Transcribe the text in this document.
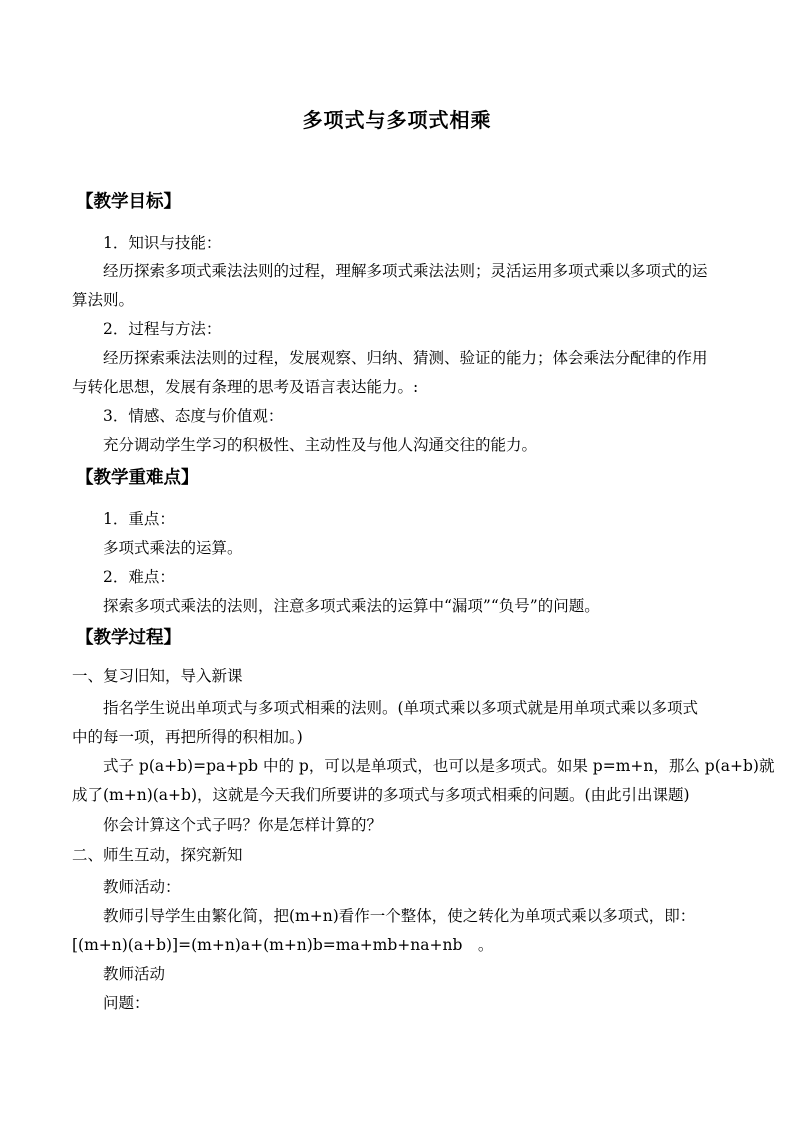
多项式与多项式相乘
【教学目标】
1．知识与技能：
经历探索多项式乘法法则的过程，理解多项式乘法法则；灵活运用多项式乘以多项式的运
算法则。
2．过程与方法：
经历探索乘法法则的过程，发展观察、归纳、猜测、验证的能力；体会乘法分配律的作用
与转化思想，发展有条理的思考及语言表达能力。:
3．情感、态度与价值观：
充分调动学生学习的积极性、主动性及与他人沟通交往的能力。
【教学重难点】
1．重点：
多项式乘法的运算。
2．难点：
探索多项式乘法的法则，注意多项式乘法的运算中“漏项”“负号”的问题。
【教学过程】
一、复习旧知，导入新课
指名学生说出单项式与多项式相乘的法则。(单项式乘以多项式就是用单项式乘以多项式
中的每一项，再把所得的积相加。)
式子 p(a+b)=pa+pb 中的 p，可以是单项式，也可以是多项式。如果 p=m+n，那么 p(a+b)就
成了(m+n)(a+b)，这就是今天我们所要讲的多项式与多项式相乘的问题。(由此引出课题)
你会计算这个式子吗？你是怎样计算的？
二、师生互动，探究新知
教师活动：
教师引导学生由繁化简，把(m+n)看作一个整体，使之转化为单项式乘以多项式，即：
[(m+n)(a+b)]=(m+n)a+(m+n)b=ma+mb+na+nb　。
教师活动
问题：
